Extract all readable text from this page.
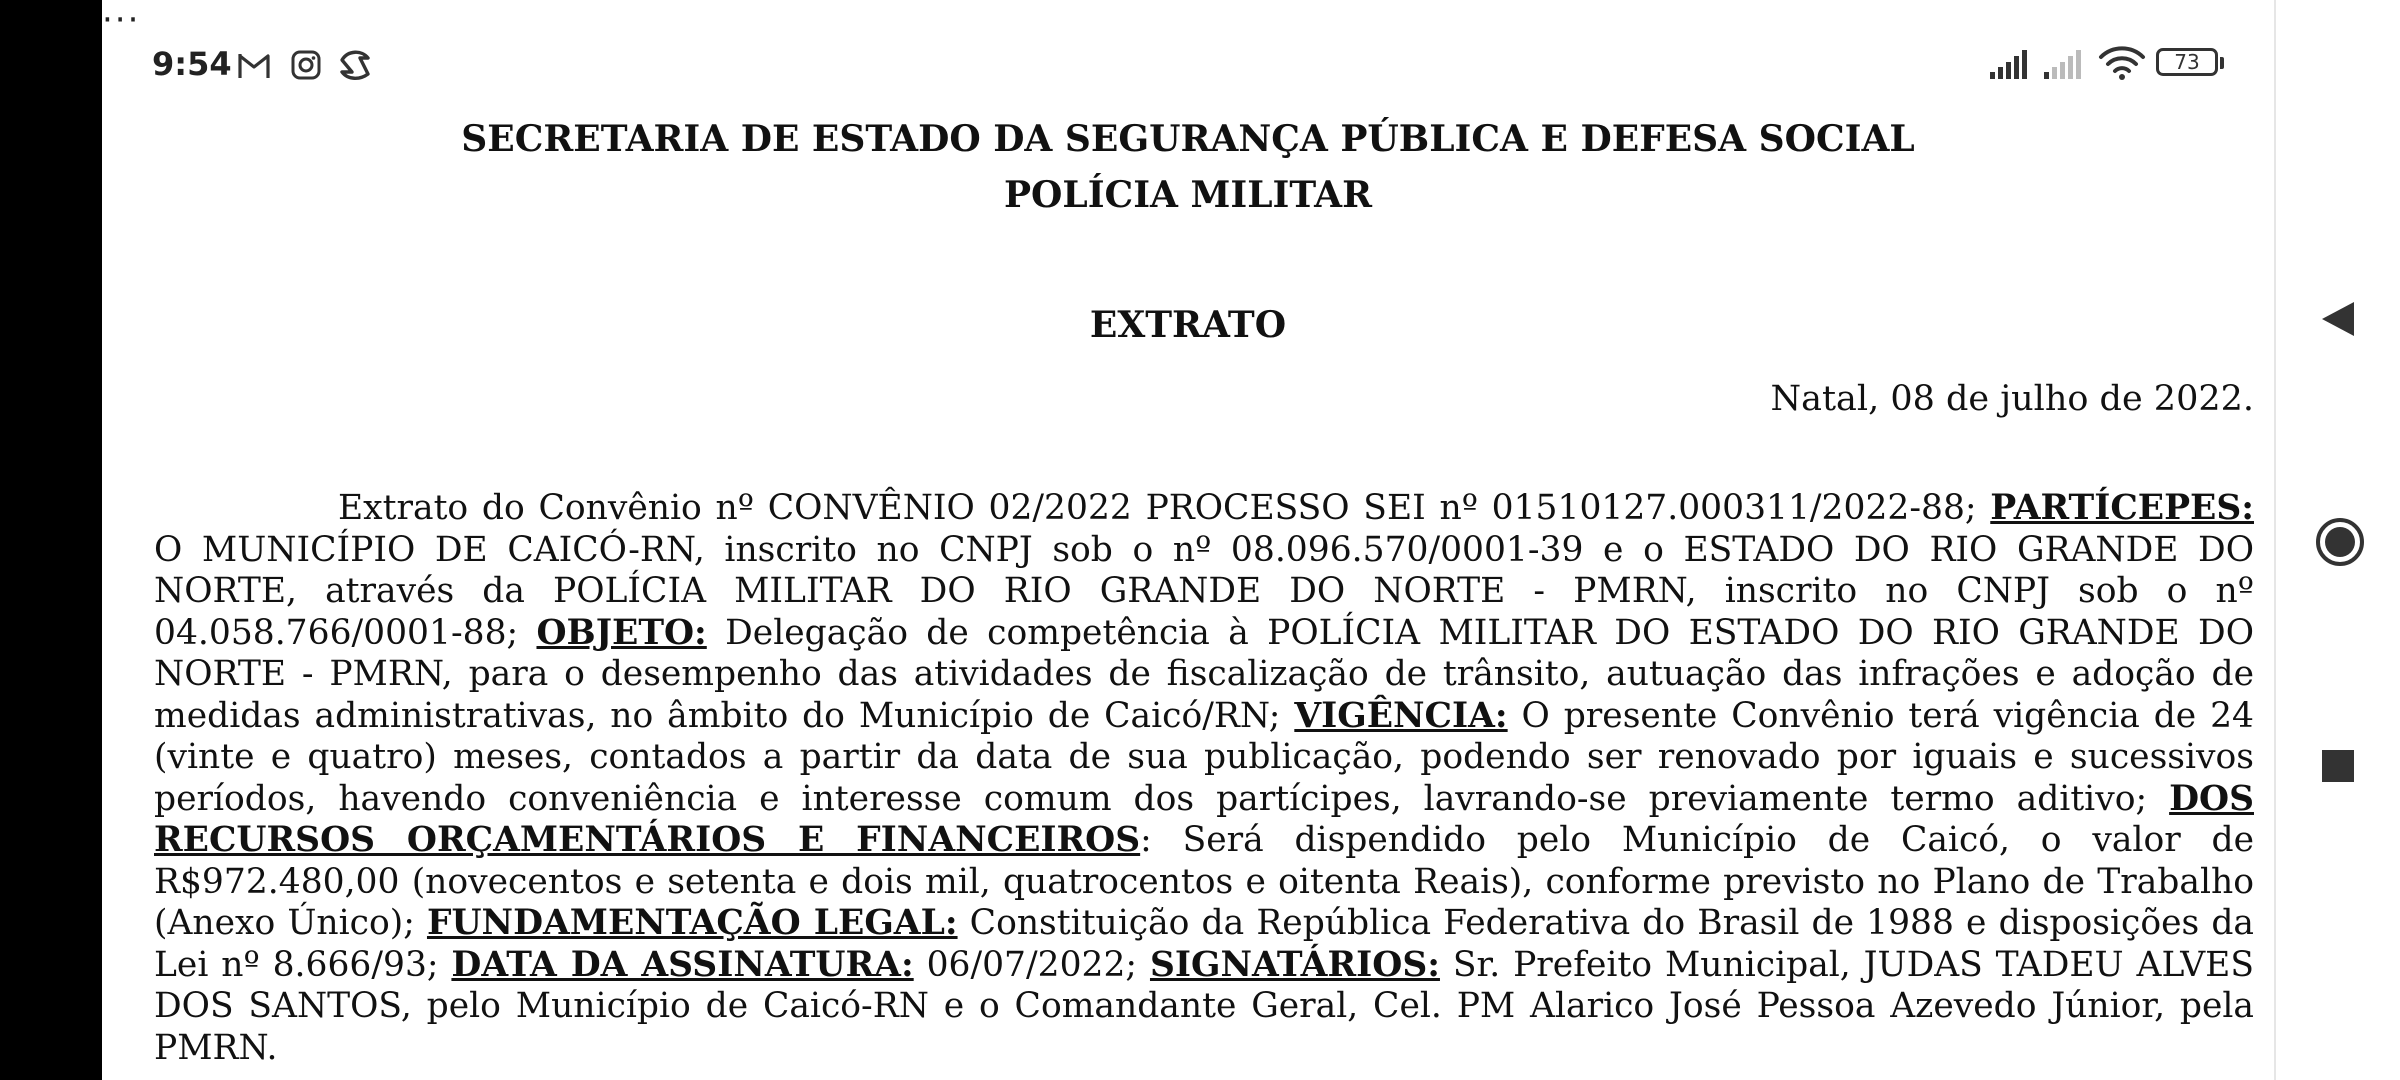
9:54
···
73
SECRETARIA DE ESTADO DA SEGURANÇA PÚBLICA E DEFESA SOCIAL
POLÍCIA MILITAR
EXTRATO
Natal, 08 de julho de 2022.

Extrato do Convênio nº CONVÊNIO 02/2022 PROCESSO SEI nº 01510127.000311/2022-88; PARTÍCEPES: O MUNICÍPIO DE CAICÓ-RN, inscrito no CNPJ sob o nº 08.096.570/0001-39 e o ESTADO DO RIO GRANDE DO NORTE, através da POLÍCIA MILITAR DO RIO GRANDE DO NORTE - PMRN, inscrito no CNPJ sob o nº 04.058.766/0001-88; OBJETO: Delegação de competência à POLÍCIA MILITAR DO ESTADO DO RIO GRANDE DO NORTE - PMRN, para o desempenho das atividades de fiscalização de trânsito, autuação das infrações e adoção de medidas administrativas, no âmbito do Município de Caicó/RN; VIGÊNCIA: O presente Convênio terá vigência de 24 (vinte e quatro) meses, contados a partir da data de sua publicação, podendo ser renovado por iguais e sucessivos períodos, havendo conveniência e interesse comum dos partícipes, lavrando-se previamente termo aditivo; DOS RECURSOS ORÇAMENTÁRIOS E FINANCEIROS: Será dispendido pelo Município de Caicó, o valor de R$972.480,00 (novecentos e setenta e dois mil, quatrocentos e oitenta Reais), conforme previsto no Plano de Trabalho (Anexo Único); FUNDAMENTAÇÃO LEGAL: Constituição da República Federativa do Brasil de 1988 e disposições da Lei nº 8.666/93; DATA DA ASSINATURA: 06/07/2022; SIGNATÁRIOS: Sr. Prefeito Municipal, JUDAS TADEU ALVES DOS SANTOS, pelo Município de Caicó-RN e o Comandante Geral, Cel. PM Alarico José Pessoa Azevedo Júnior, pela PMRN.
